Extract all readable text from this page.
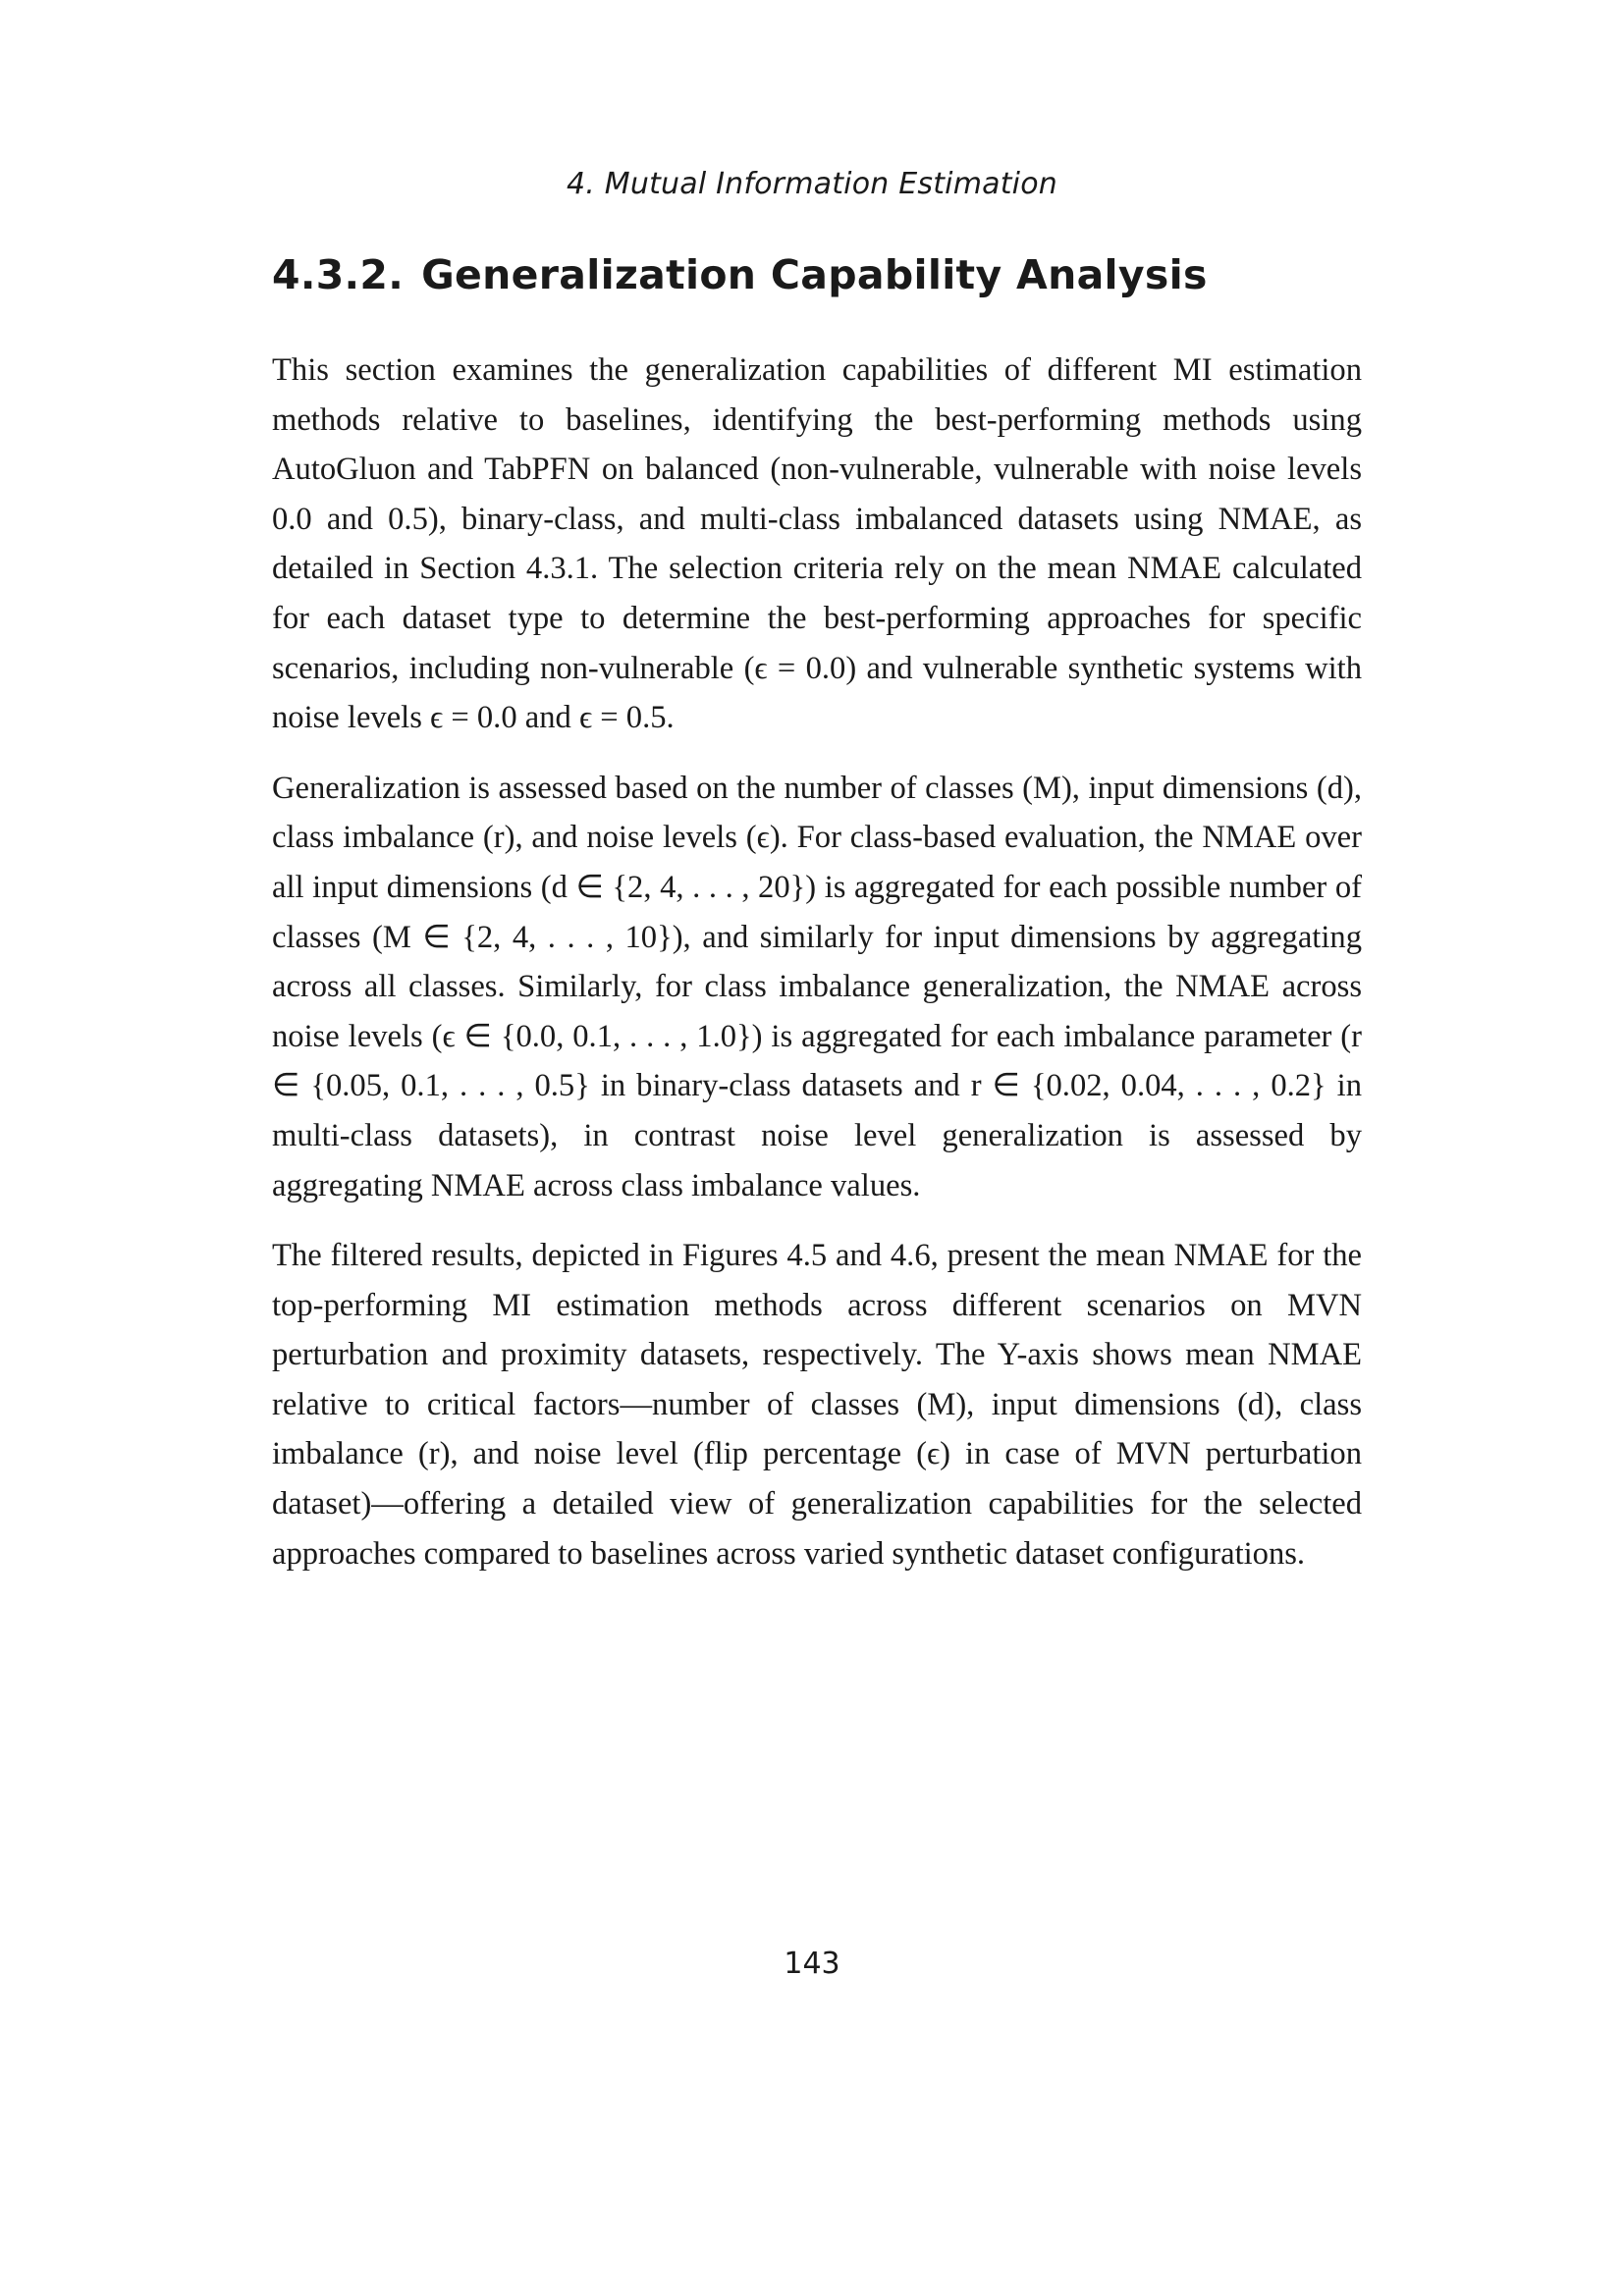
4. Mutual Information Estimation
4.3.2. Generalization Capability Analysis

This section examines the generalization capabilities of different MI estimation methods relative to baselines, identifying the best-performing methods using AutoGluon and TabPFN on balanced (non-vulnerable, vulnerable with noise levels 0.0 and 0.5), binary-class, and multi-class imbalanced datasets using NMAE, as detailed in Section 4.3.1. The selection criteria rely on the mean NMAE calculated for each dataset type to determine the best-performing approaches for specific scenarios, including non-vulnerable (ϵ = 0.0) and vulnerable synthetic systems with noise levels ϵ = 0.0 and ϵ = 0.5.

Generalization is assessed based on the number of classes (M), input dimensions (d), class imbalance (r), and noise levels (ϵ). For class-based evaluation, the NMAE over all input dimensions (d ∈ {2, 4, . . . , 20}) is aggregated for each possible number of classes (M ∈ {2, 4, . . . , 10}), and similarly for input dimensions by aggregating across all classes. Similarly, for class imbalance generalization, the NMAE across noise levels (ϵ ∈ {0.0, 0.1, . . . , 1.0}) is aggregated for each imbalance parameter (r ∈ {0.05, 0.1, . . . , 0.5} in binary-class datasets and r ∈ {0.02, 0.04, . . . , 0.2} in multi-class datasets), in contrast noise level generalization is assessed by aggregating NMAE across class imbalance values.

The filtered results, depicted in Figures 4.5 and 4.6, present the mean NMAE for the top-performing MI estimation methods across different scenarios on MVN perturbation and proximity datasets, respectively. The Y-axis shows mean NMAE relative to critical factors—number of classes (M), input dimensions (d), class imbalance (r), and noise level (flip percentage (ϵ) in case of MVN perturbation dataset)—offering a detailed view of generalization capabilities for the selected approaches compared to baselines across varied synthetic dataset configurations.

143
